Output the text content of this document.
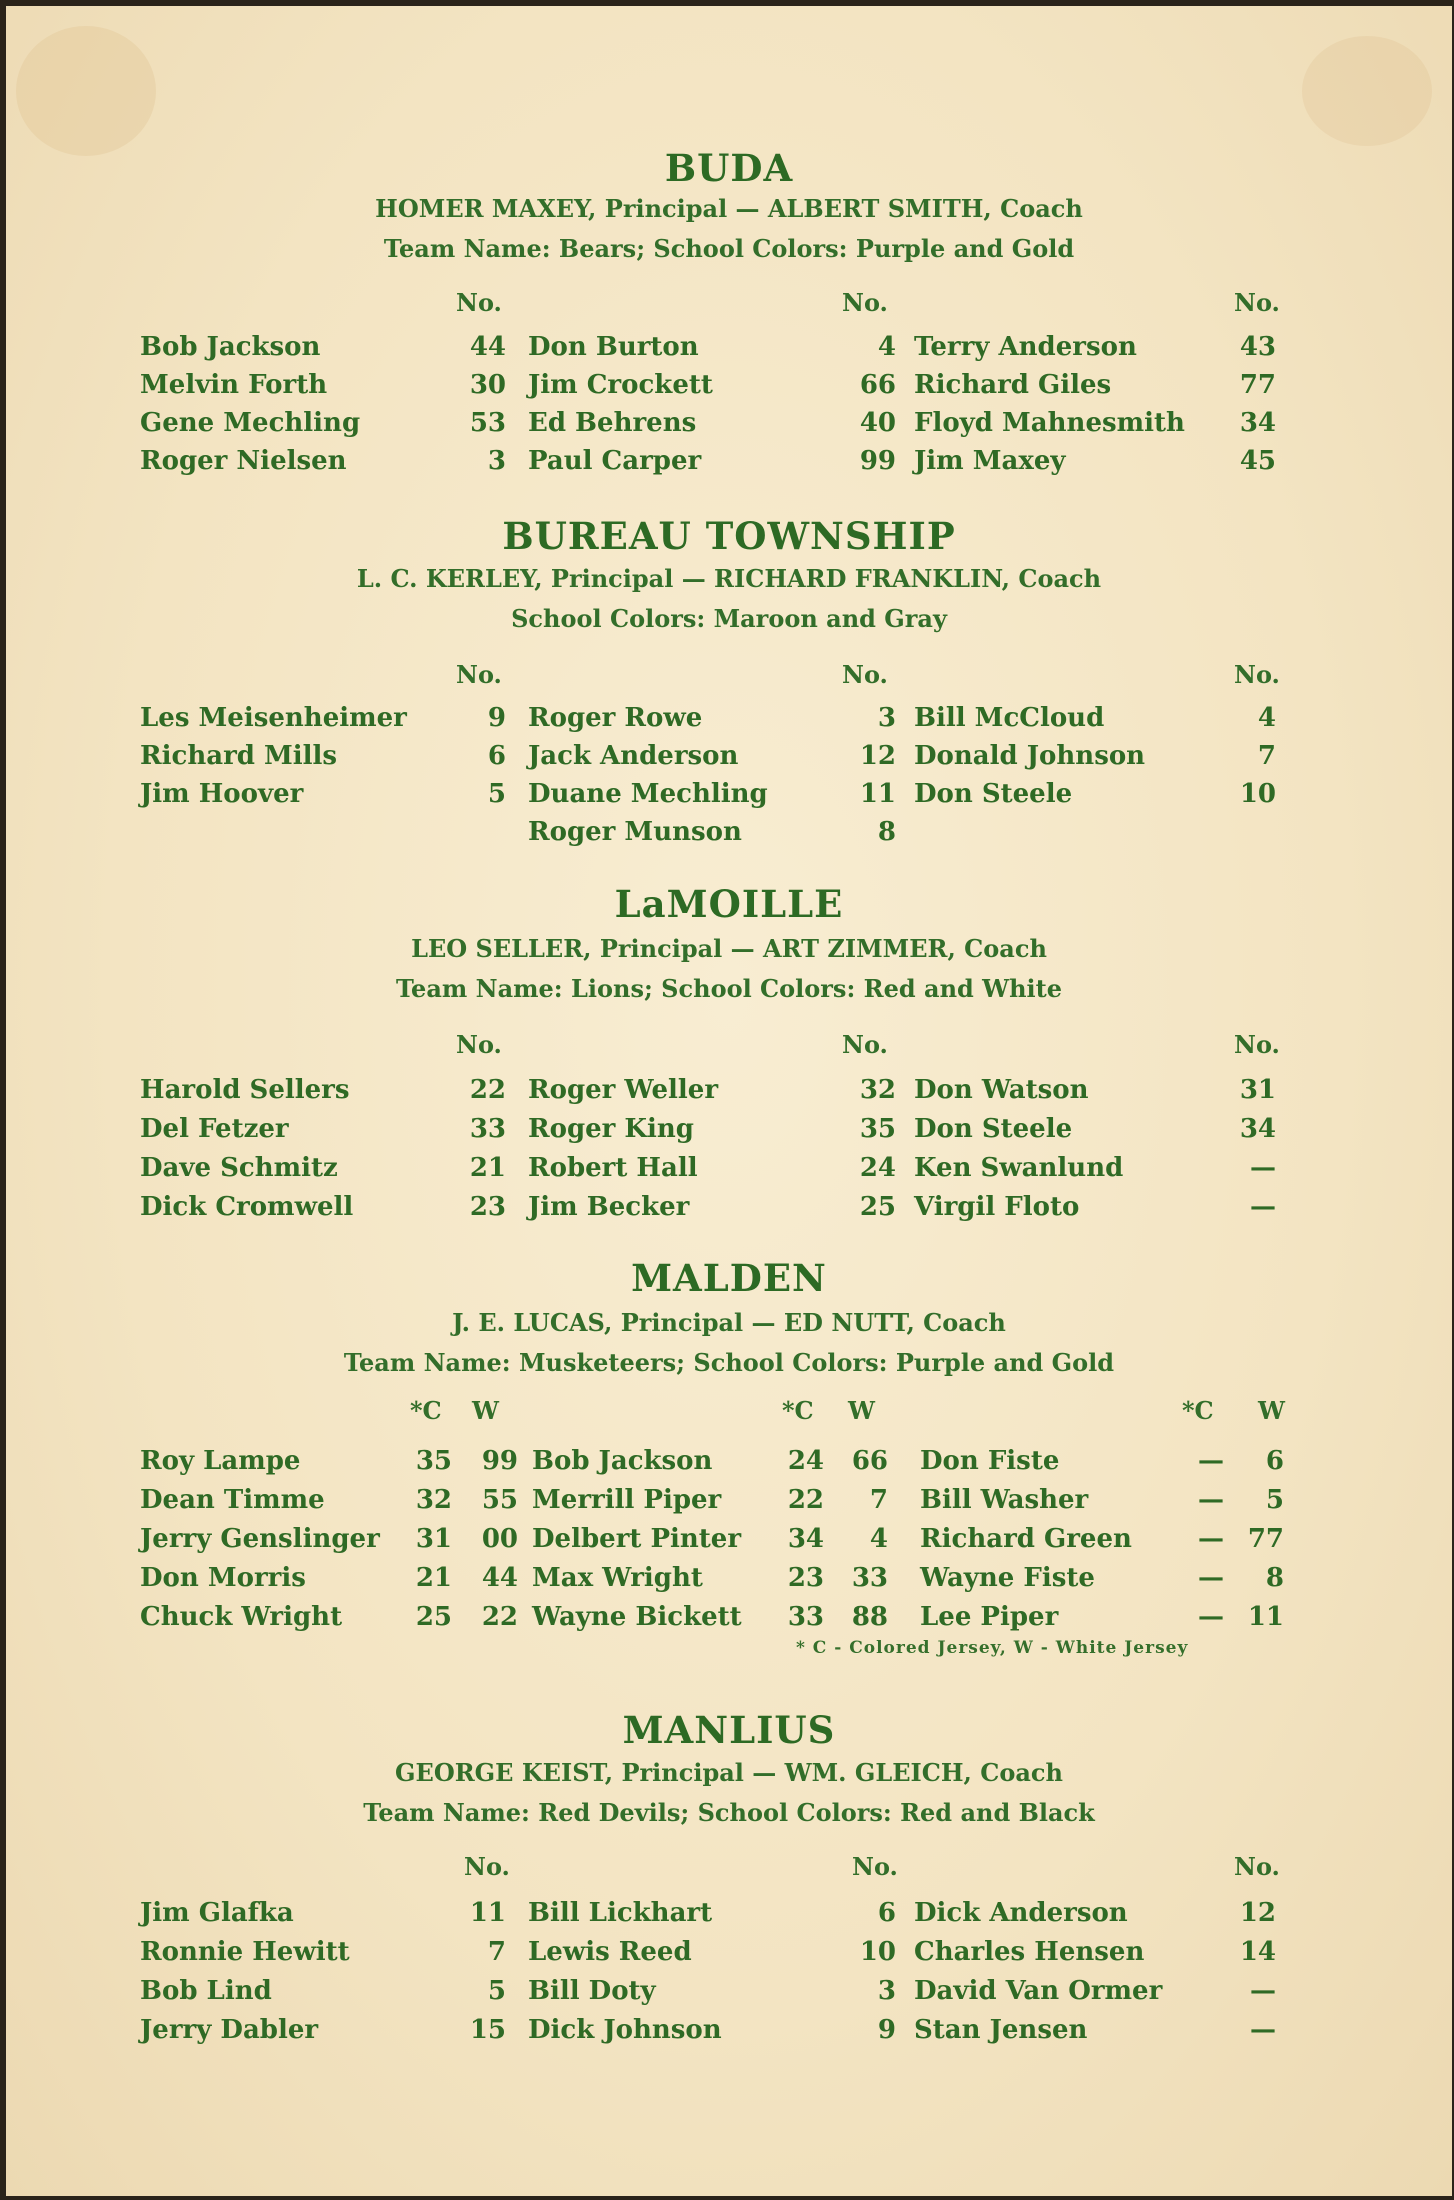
BUDA
HOMER MAXEY, Principal — ALBERT SMITH, Coach
Team Name: Bears; School Colors: Purple and Gold
No.	No.	No.
Bob Jackson	44 Don Burton	4 Terry Anderson	43
Melvin Forth	30 Jim Crockett	66 Richard Giles	77
Gene Mechling	53 Ed Behrens	40 Floyd Mahnesmith	34
Roger Nielsen	3 Paul Carper	99 Jim Maxey	45
BUREAU TOWNSHIP
L. C. KERLEY, Principal — RICHARD FRANKLIN, Coach
School Colors: Maroon and Gray
No.	No.	No.
Les Meisenheimer	9 Roger Rowe	3 Bill McCloud	4
Richard Mills	6 Jack Anderson	12 Donald Johnson	7
Jim Hoover	5 Duane Mechling	11 Don Steele	10
Roger Munson	8
LaMOILLE
LEO SELLER, Principal — ART ZIMMER, Coach
Team Name: Lions; School Colors: Red and White
No.	No.	No.
Harold Sellers	22 Roger Weller	32 Don Watson	31
Del Fetzer	33 Roger King	35 Don Steele	34
Dave Schmitz	21 Robert Hall	24 Ken Swanlund	—
Dick Cromwell	23 Jim Becker	25 Virgil Floto	—
MALDEN
J. E. LUCAS, Principal — ED NUTT, Coach
Team Name: Musketeers; School Colors: Purple and Gold
*C W	*C W	*C W
Roy Lampe	35	99 Bob Jackson	24	66 Don Fiste	—	6
Dean Timme	32	55 Merrill Piper	22	7 Bill Washer	—	5
Jerry Genslinger	31	00 Delbert Pinter	34	4 Richard Green	— 77
Don Morris	21	44 Max Wright	23	33 Wayne Fiste	—	8
Chuck Wright	25	22 Wayne Bickett	33	88 Lee Piper	— 11
* C - Colored Jersey, W - White Jersey
MANLIUS
GEORGE KEIST, Principal — WM. GLEICH, Coach
Team Name: Red Devils; School Colors: Red and Black
No.	No.	No.
Jim Glafka	11 Bill Lickhart	6 Dick Anderson	12
Ronnie Hewitt	7 Lewis Reed	10 Charles Hensen	14
Bob Lind	5 Bill Doty	3 David Van Ormer	—
Jerry Dabler	15 Dick Johnson	9 Stan Jensen	—
